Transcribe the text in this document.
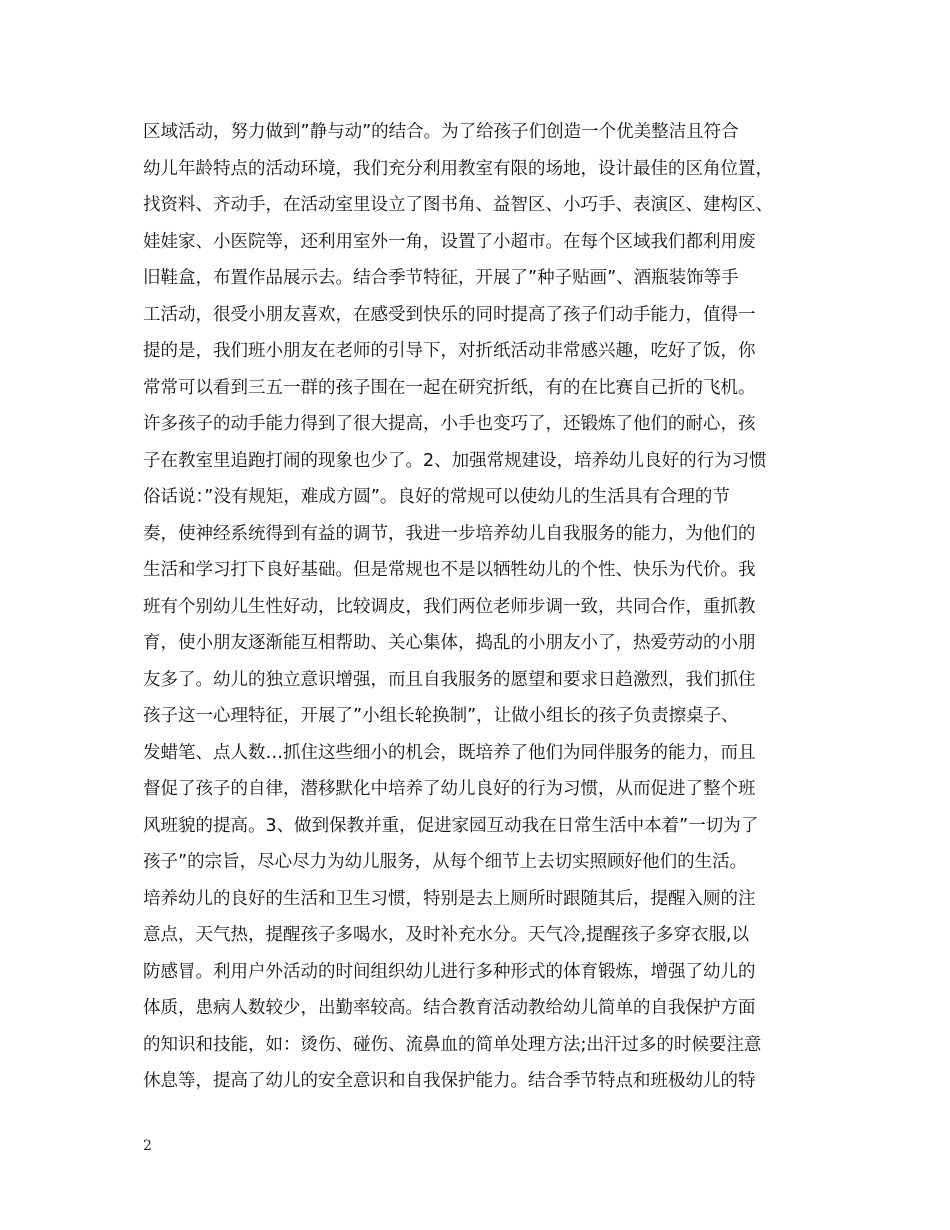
区域活动，努力做到”静与动”的结合。为了给孩子们创造一个优美整洁且符合
幼儿年龄特点的活动环境，我们充分利用教室有限的场地，设计最佳的区角位置，
找资料、齐动手，在活动室里设立了图书角、益智区、小巧手、表演区、建构区、
娃娃家、小医院等，还利用室外一角，设置了小超市。在每个区域我们都利用废
旧鞋盒，布置作品展示去。结合季节特征，开展了”种子贴画”、酒瓶装饰等手
工活动，很受小朋友喜欢，在感受到快乐的同时提高了孩子们动手能力，值得一
提的是，我们班小朋友在老师的引导下，对折纸活动非常感兴趣，吃好了饭，你
常常可以看到三五一群的孩子围在一起在研究折纸，有的在比赛自己折的飞机。
许多孩子的动手能力得到了很大提高，小手也变巧了，还锻炼了他们的耐心，孩
子在教室里追跑打闹的现象也少了。2、加强常规建设，培养幼儿良好的行为习惯
俗话说：”没有规矩，难成方圆”。良好的常规可以使幼儿的生活具有合理的节
奏，使神经系统得到有益的调节，我进一步培养幼儿自我服务的能力，为他们的
生活和学习打下良好基础。但是常规也不是以牺牲幼儿的个性、快乐为代价。我
班有个别幼儿生性好动，比较调皮，我们两位老师步调一致，共同合作，重抓教
育，使小朋友逐渐能互相帮助、关心集体，捣乱的小朋友小了，热爱劳动的小朋
友多了。幼儿的独立意识增强，而且自我服务的愿望和要求日趋激烈，我们抓住
孩子这一心理特征，开展了”小组长轮换制”，让做小组长的孩子负责擦桌子、
发蜡笔、点人数…抓住这些细小的机会，既培养了他们为同伴服务的能力，而且
督促了孩子的自律，潜移默化中培养了幼儿良好的行为习惯，从而促进了整个班
风班貌的提高。3、做到保教并重，促进家园互动我在日常生活中本着”一切为了
孩子”的宗旨，尽心尽力为幼儿服务，从每个细节上去切实照顾好他们的生活。
培养幼儿的良好的生活和卫生习惯，特别是去上厕所时跟随其后，提醒入厕的注
意点，天气热，提醒孩子多喝水，及时补充水分。天气冷,提醒孩子多穿衣服,以
防感冒。利用户外活动的时间组织幼儿进行多种形式的体育锻炼，增强了幼儿的
体质，患病人数较少，出勤率较高。结合教育活动教给幼儿简单的自我保护方面
的知识和技能，如：烫伤、碰伤、流鼻血的简单处理方法;出汗过多的时候要注意
休息等，提高了幼儿的安全意识和自我保护能力。结合季节特点和班极幼儿的特
2
